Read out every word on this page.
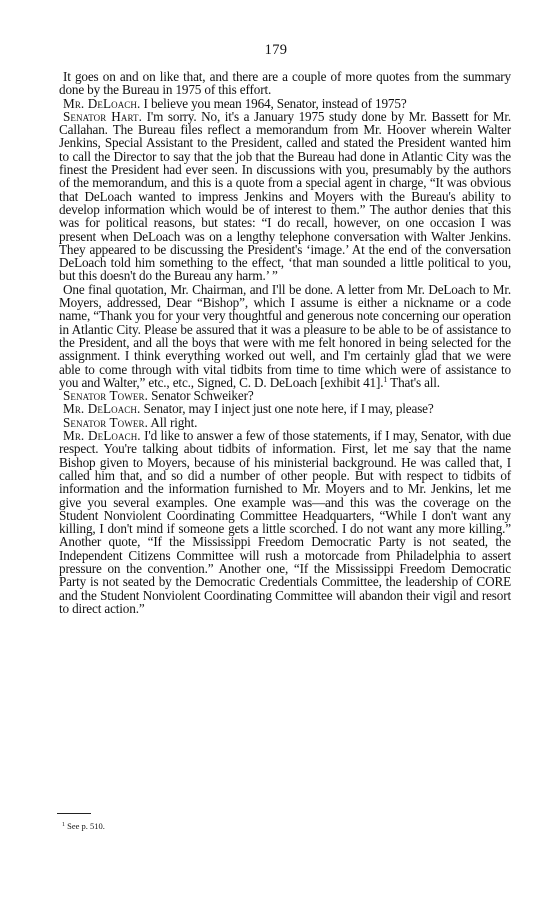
179

It goes on and on like that, and there are a couple of more quotes from the summary done by the Bureau in 1975 of this effort.

Mr. DeLoach. I believe you mean 1964, Senator, instead of 1975?

Senator Hart. I'm sorry. No, it's a January 1975 study done by Mr. Bassett for Mr. Callahan. The Bureau files reflect a memorandum from Mr. Hoover wherein Walter Jenkins, Special Assistant to the President, called and stated the President wanted him to call the Director to say that the job that the Bureau had done in Atlantic City was the finest the President had ever seen. In discussions with you, presumably by the authors of the memorandum, and this is a quote from a special agent in charge, “It was obvious that DeLoach wanted to impress Jenkins and Moyers with the Bureau's ability to develop information which would be of interest to them.” The author denies that this was for political reasons, but states: “I do recall, however, on one occasion I was present when DeLoach was on a lengthy telephone conversation with Walter Jenkins. They appeared to be discussing the President's ‘image.’ At the end of the conversation DeLoach told him something to the effect, ‘that man sounded a little political to you, but this doesn't do the Bureau any harm.’ ”

One final quotation, Mr. Chairman, and I'll be done. A letter from Mr. DeLoach to Mr. Moyers, addressed, Dear “Bishop”, which I assume is either a nickname or a code name, “Thank you for your very thoughtful and generous note concerning our operation in Atlantic City. Please be assured that it was a pleasure to be able to be of assistance to the President, and all the boys that were with me felt honored in being selected for the assignment. I think everything worked out well, and I'm certainly glad that we were able to come through with vital tidbits from time to time which were of assistance to you and Walter,” etc., etc., Signed, C. D. DeLoach [exhibit 41].$^1$ That's all.

Senator Tower. Senator Schweiker?

Mr. DeLoach. Senator, may I inject just one note here, if I may, please?

Senator Tower. All right.

Mr. DeLoach. I'd like to answer a few of those statements, if I may, Senator, with due respect. You're talking about tidbits of information. First, let me say that the name Bishop given to Moyers, because of his ministerial background. He was called that, I called him that, and so did a number of other people. But with respect to tidbits of information and the information furnished to Mr. Moyers and to Mr. Jenkins, let me give you several examples. One example was—and this was the coverage on the Student Nonviolent Coordinating Committee Headquarters, “While I don't want any killing, I don't mind if someone gets a little scorched. I do not want any more killing.” Another quote, “If the Mississippi Freedom Democratic Party is not seated, the Independent Citizens Committee will rush a motorcade from Philadelphia to assert pressure on the convention.” Another one, “If the Mississippi Freedom Democratic Party is not seated by the Democratic Credentials Committee, the leadership of CORE and the Student Nonviolent Coordinating Committee will abandon their vigil and resort to direct action.”

$^1$ See p. 510.
